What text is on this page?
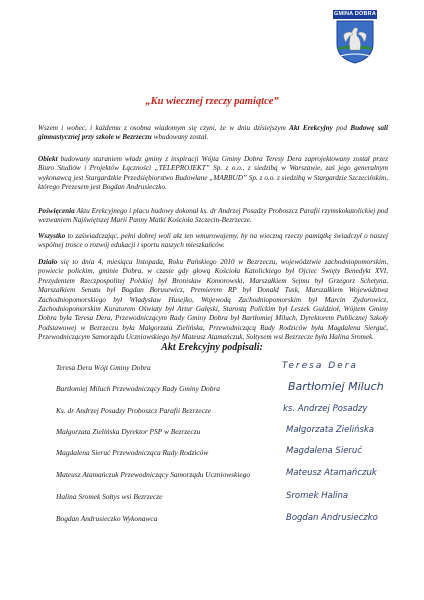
GMINA DOBRA
„Ku wiecznej rzeczy pamiątce”

Wszem i wobec, i każdemu z osobna wiadomym się czyni, że w dniu dzisiejszym Akt Erekcyjny pod Budowę sali gimnastycznej przy szkole w Bezrzeczu wbudowany został.

Obiekt budowany staraniem władz gminy z inspiracji Wójta Gminy Dobra Teresy Dera zaprojektowany został przez Biuro Studiów i Projektów Łączności „TELEPROJEKT” Sp. z o.o., z siedzibą w Warszawie, zaś jego generalnym wykonawcą jest Stargardzkie Przedsiębiorstwo Budowlane „MARBUD” Sp. z o.o. z siedzibą w Stargardzie Szczecińskim, którego Prezesem jest Bogdan Andrusieczko.

Poświęcenia Aktu Erekcyjnego i placu budowy dokonał ks. dr Andrzej Posadzy Proboszcz Parafii rzymskokatolickiej pod wezwaniem Najświętszej Marii Panny Matki Kościoła Szczecin-Bezrzecze.

Wszystko to zaświadczając, pełni dobrej woli akt ten wmurowujemy, by na wieczną rzeczy pamiątkę świadczył o naszej wspólnej trosce o rozwój edukacji i sportu naszych mieszkańców.

Działo się to dnia 4, miesiąca listopada, Roku Pańskiego 2010 w Bezrzeczu, województwie zachodniopomorskim, powiecie polickim, gminie Dobra, w czasie gdy głową Kościoła Katolickiego był Ojciec Święty Benedykt XVI, Prezydentem Rzeczpospolitej Polskiej był Bronisław Komorowski, Marszałkiem Sejmu był Grzegorz Schetyna, Marszałkiem Senatu był Bogdan Borusewicz, Premierem RP był Donald Tusk, Marszałkiem Województwa Zachodniopomorskiego był Władysław Husejko, Wojewodą Zachodniopomorskim był Marcin Zydorowicz, Zachodniopomorskim Kuratorem Oświaty był Artur Gałęski, Starostą Polickim był Leszek Guździoł, Wójtem Gminy Dobra była Teresa Dera, Przewodniczącym Rady Gminy Dobra był Bartłomiej Miluch, Dyrektorem Publicznej Szkoły Podstawowej w Bezrzeczu była Małgorzata Zielińska, Przewodniczącą Rady Rodziców była Magdalena Sierguć, Przewodniczącym Samorządu Uczniowskiego był Mateusz Atamańczuk, Sołtysem wsi Bezrzecze była Halina Sromek.

Akt Erekcyjny podpisali:
Teresa Dera Wójt Gminy Dobra	Teresa Dera
Bartłomiej Miluch Przewodniczący Rady Gminy Dobra	Bartłomiej Miluch
Ks. dr Andrzej Posadzy Proboszcz Parafii Bezrzecze	ks. Andrzej Posadzy
Małgorzata Zielińska Dyrektor PSP w Bezrzeczu	Małgorzata Zielińska
Magdalena Sieruć Przewodnicząca Rady Rodziców	Magdalena Sieruć
Mateusz Atamańczuk Przewodniczący Samorządu Uczniowskiego	Mateusz Atamańczuk
Halina Sromek Sołtys wsi Bezrzecze	Sromek Halina
Bogdan Andrusieczko Wykonawca	Bogdan Andrusieczko
